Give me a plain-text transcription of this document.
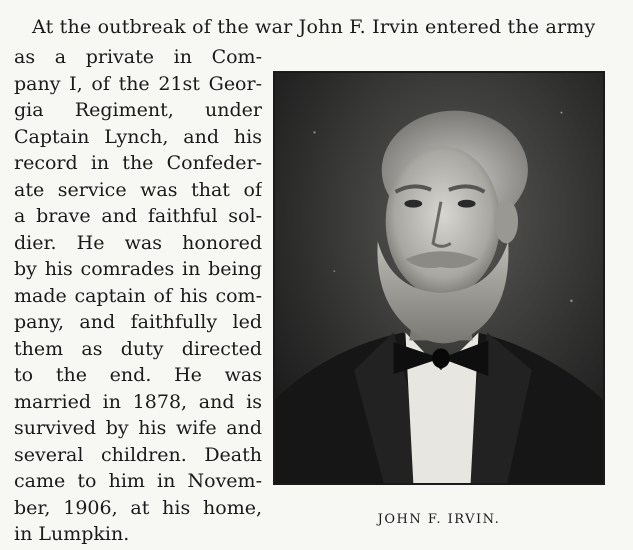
At the outbreak of the war John F. Irvin entered the army
as a private in Com-
pany I, of the 21st Geor-
gia Regiment, under
Captain Lynch, and his
record in the Confeder-
ate service was that of
a brave and faithful sol-
dier. He was honored
by his comrades in being
made captain of his com-
pany, and faithfully led
them as duty directed
to the end. He was
married in 1878, and is
survived by his wife and
several children. Death
came to him in Novem-
ber, 1906, at his home,
in Lumpkin.
JOHN F. IRVIN.
